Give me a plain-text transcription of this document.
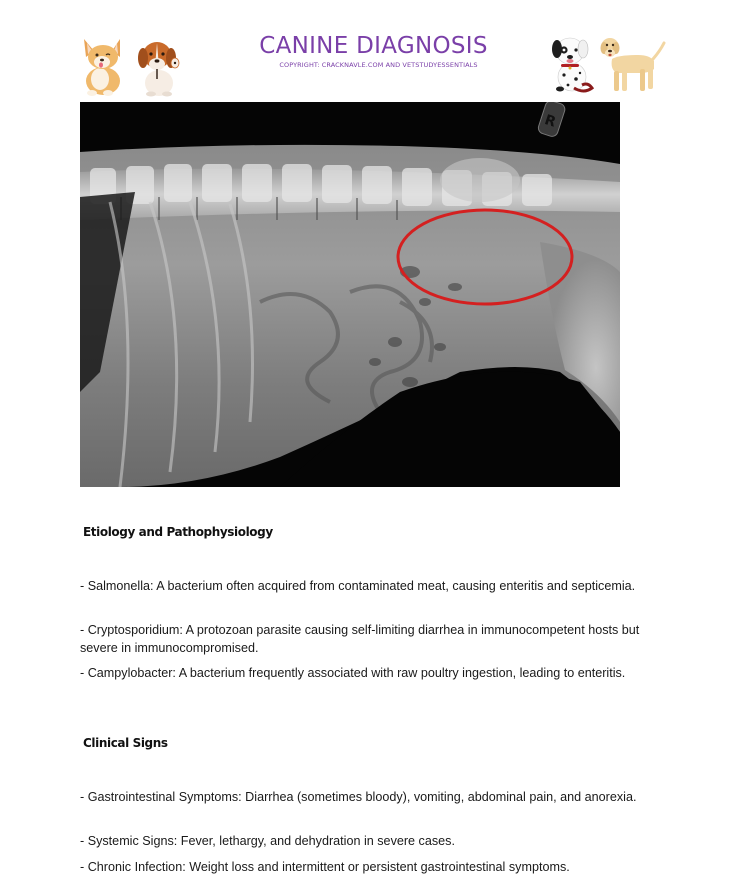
CANINE DIAGNOSIS
COPYRIGHT: CRACKNAVLE.COM AND VETSTUDYESSENTIALS
R
Etiology and Pathophysiology
- Salmonella: A bacterium often acquired from contaminated meat, causing enteritis and septicemia.
- Cryptosporidium: A protozoan parasite causing self-limiting diarrhea in immunocompetent hosts but severe in immunocompromised.
- Campylobacter: A bacterium frequently associated with raw poultry ingestion, leading to enteritis.
Clinical Signs
- Gastrointestinal Symptoms: Diarrhea (sometimes bloody), vomiting, abdominal pain, and anorexia.
- Systemic Signs: Fever, lethargy, and dehydration in severe cases.
- Chronic Infection: Weight loss and intermittent or persistent gastrointestinal symptoms.
